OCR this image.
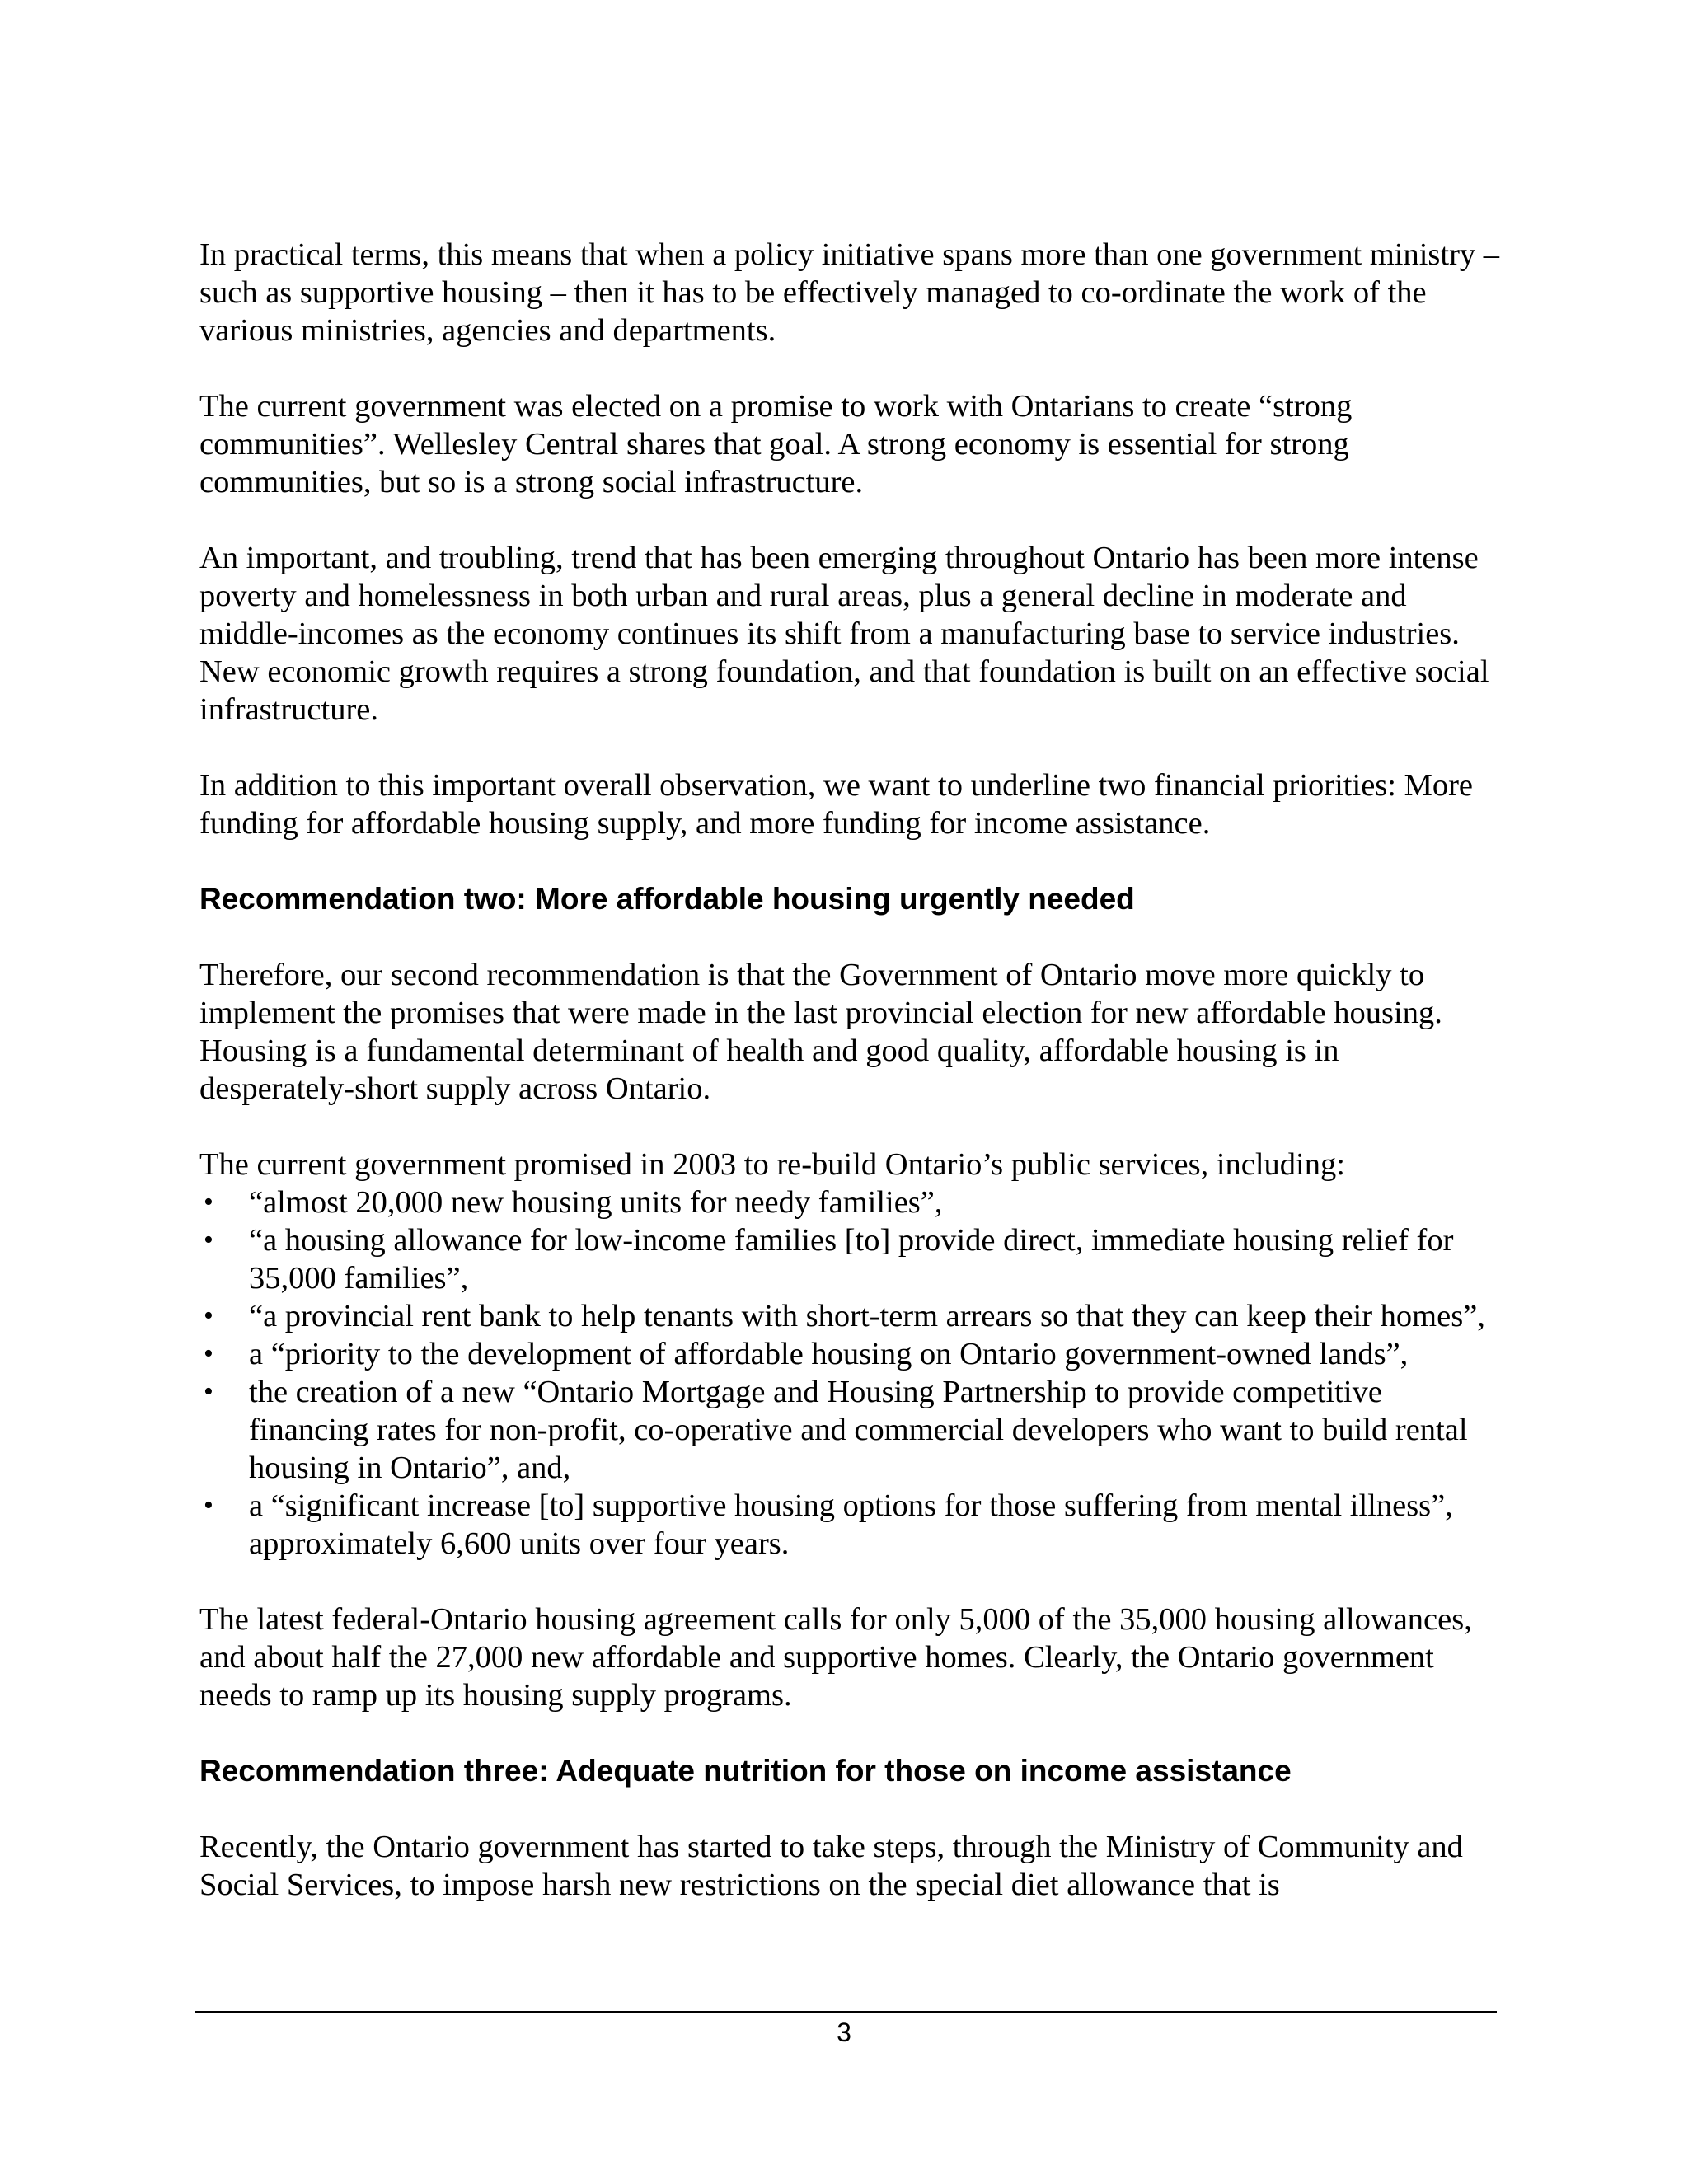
In practical terms, this means that when a policy initiative spans more than one government ministry – such as supportive housing – then it has to be effectively managed to co-ordinate the work of the various ministries, agencies and departments.

The current government was elected on a promise to work with Ontarians to create “strong communities”. Wellesley Central shares that goal. A strong economy is essential for strong communities, but so is a strong social infrastructure.

An important, and troubling, trend that has been emerging throughout Ontario has been more intense poverty and homelessness in both urban and rural areas, plus a general decline in moderate and middle-incomes as the economy continues its shift from a manufacturing base to service industries. New economic growth requires a strong foundation, and that foundation is built on an effective social infrastructure.

In addition to this important overall observation, we want to underline two financial priorities: More funding for affordable housing supply, and more funding for income assistance.

Recommendation two: More affordable housing urgently needed

Therefore, our second recommendation is that the Government of Ontario move more quickly to implement the promises that were made in the last provincial election for new affordable housing. Housing is a fundamental determinant of health and good quality, affordable housing is in desperately-short supply across Ontario.

The current government promised in 2003 to re-build Ontario’s public services, including:

•	“almost 20,000 new housing units for needy families”,
•	“a housing allowance for low-income families [to] provide direct, immediate housing relief for 35,000 families”,
•	“a provincial rent bank to help tenants with short-term arrears so that they can keep their homes”,
•	a “priority to the development of affordable housing on Ontario government-owned lands”,
•	the creation of a new “Ontario Mortgage and Housing Partnership to provide competitive financing rates for non-profit, co-operative and commercial developers who want to build rental housing in Ontario”, and,
•	a “significant increase [to] supportive housing options for those suffering from mental illness”, approximately 6,600 units over four years.

The latest federal-Ontario housing agreement calls for only 5,000 of the 35,000 housing allowances, and about half the 27,000 new affordable and supportive homes. Clearly, the Ontario government needs to ramp up its housing supply programs.

Recommendation three: Adequate nutrition for those on income assistance

Recently, the Ontario government has started to take steps, through the Ministry of Community and Social Services, to impose harsh new restrictions on the special diet allowance that is

3
